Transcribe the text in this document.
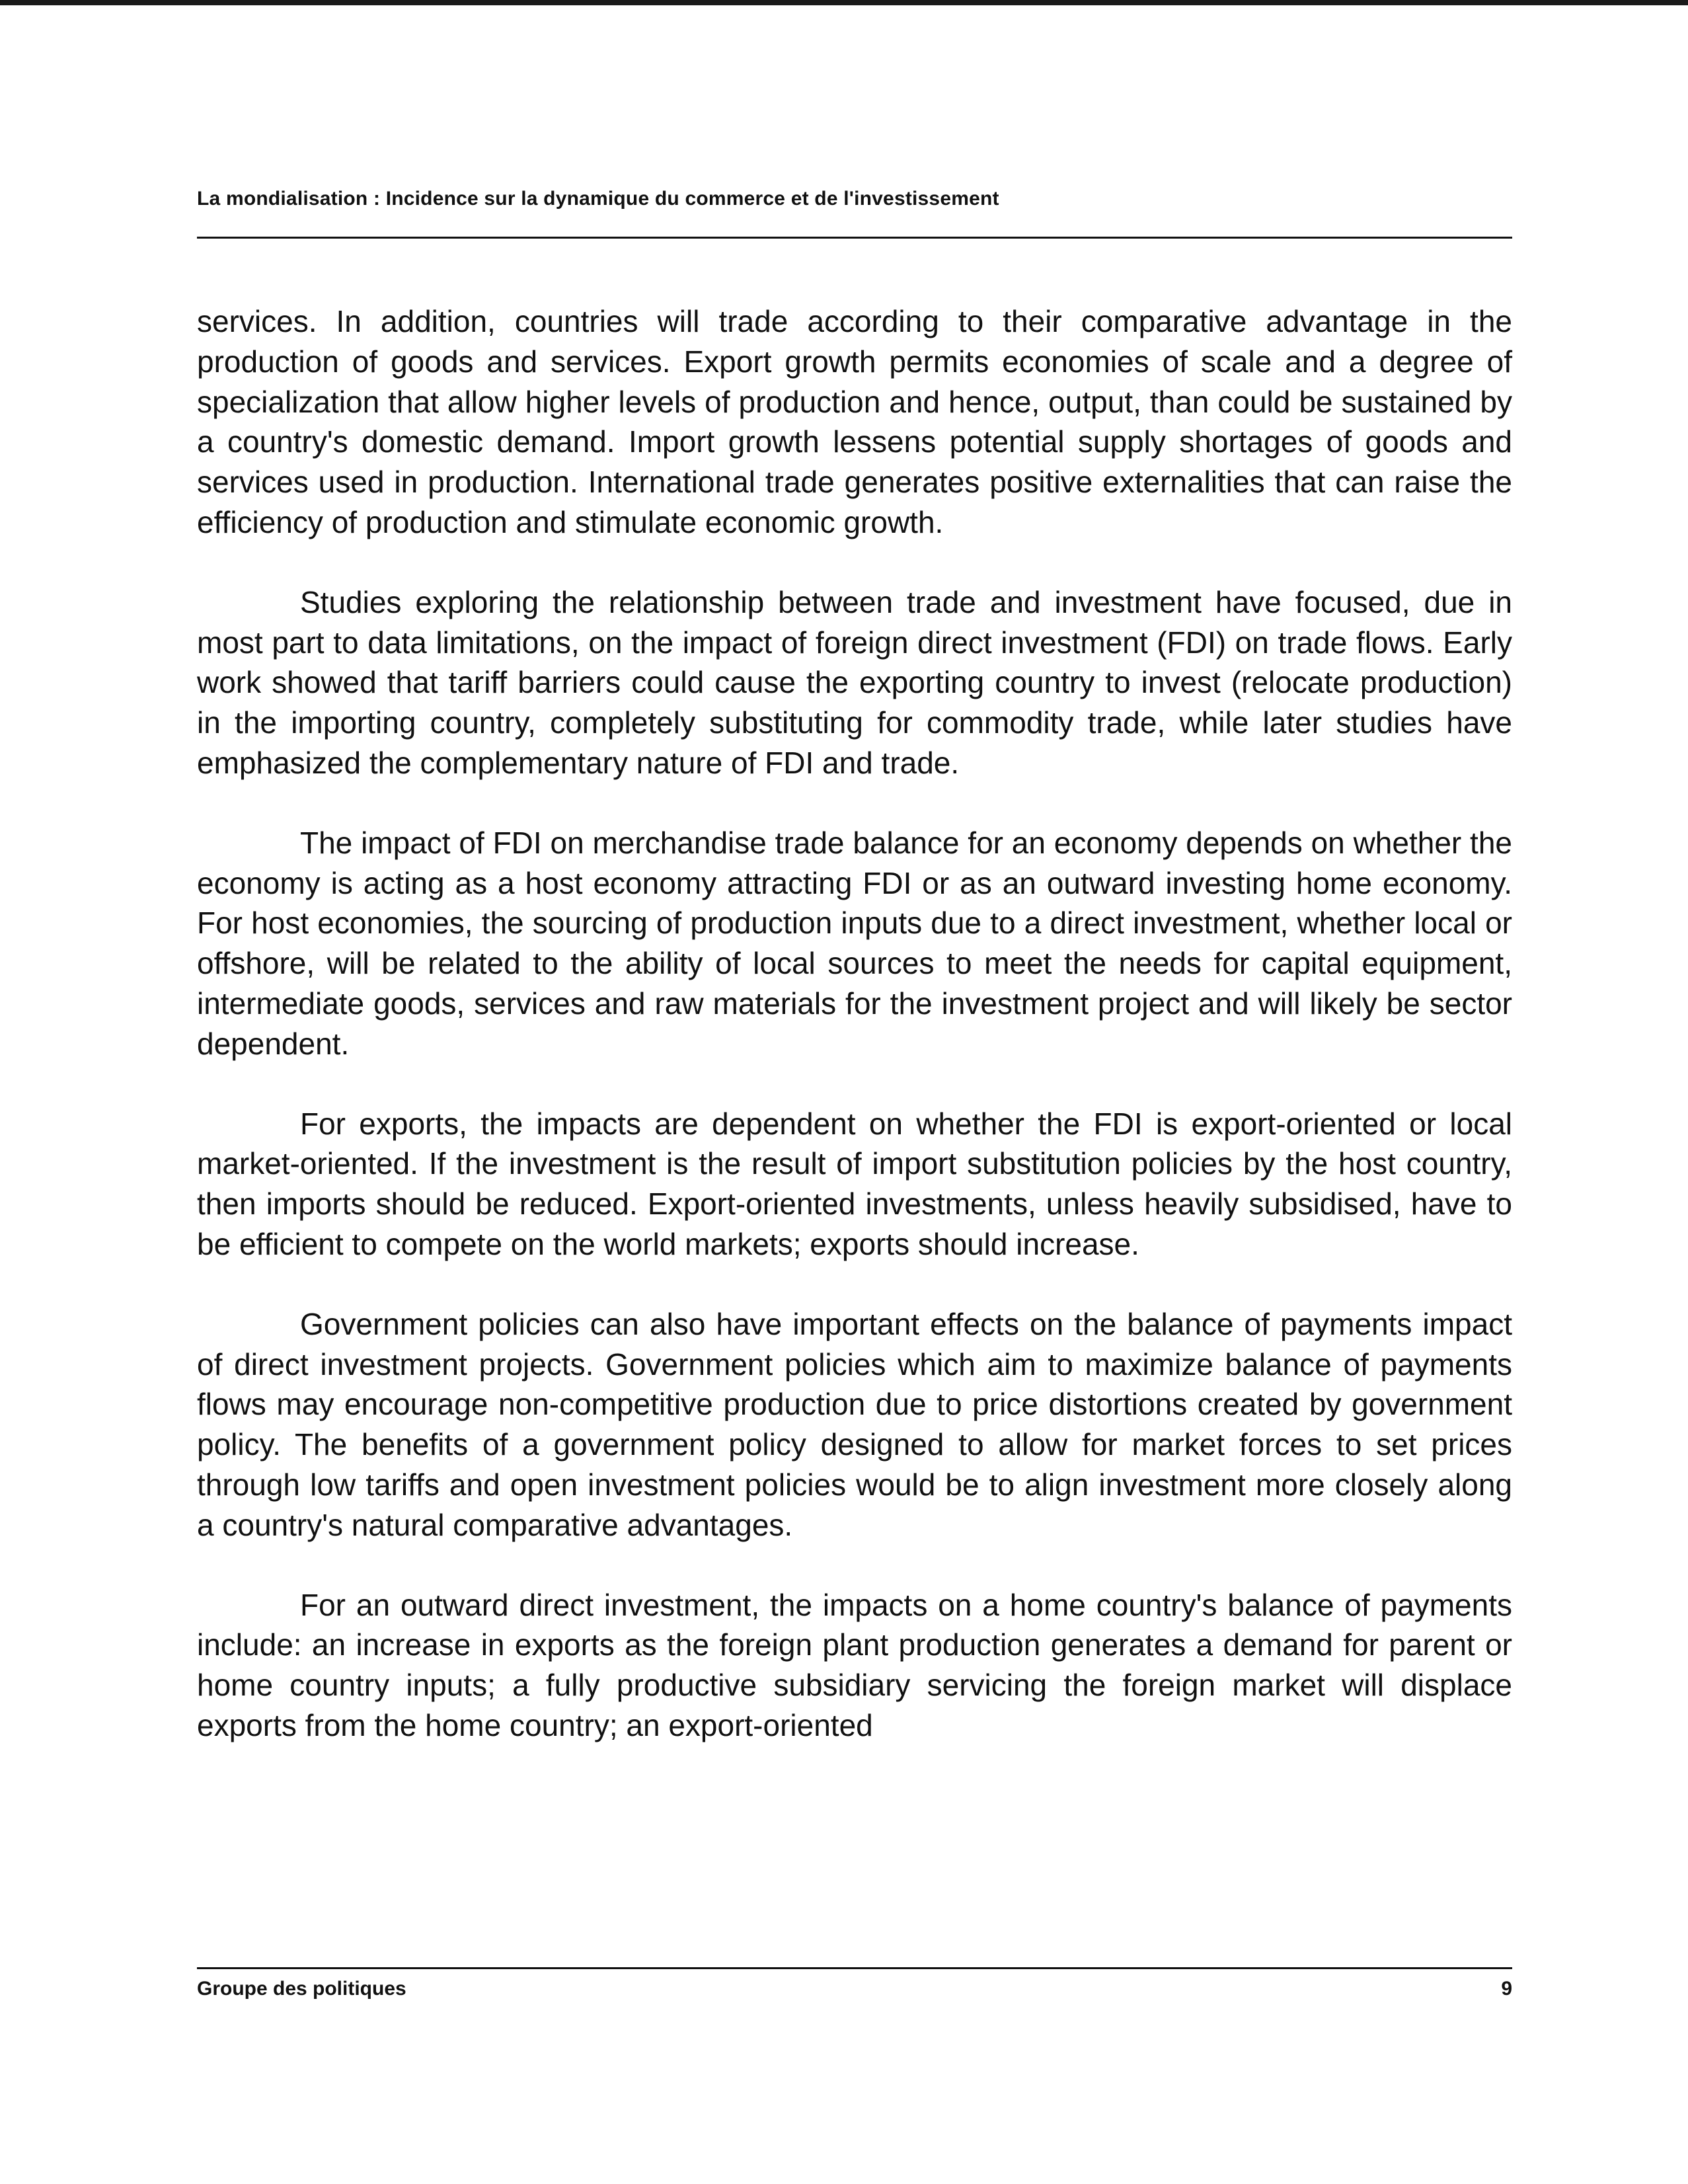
La mondialisation : Incidence sur la dynamique du commerce et de l'investissement

services. In addition, countries will trade according to their comparative advantage in the production of goods and services. Export growth permits economies of scale and a degree of specialization that allow higher levels of production and hence, output, than could be sustained by a country's domestic demand. Import growth lessens potential supply shortages of goods and services used in production. International trade generates positive externalities that can raise the efficiency of production and stimulate economic growth.

Studies exploring the relationship between trade and investment have focused, due in most part to data limitations, on the impact of foreign direct investment (FDI) on trade flows. Early work showed that tariff barriers could cause the exporting country to invest (relocate production) in the importing country, completely substituting for commodity trade, while later studies have emphasized the complementary nature of FDI and trade.

The impact of FDI on merchandise trade balance for an economy depends on whether the economy is acting as a host economy attracting FDI or as an outward investing home economy. For host economies, the sourcing of production inputs due to a direct investment, whether local or offshore, will be related to the ability of local sources to meet the needs for capital equipment, intermediate goods, services and raw materials for the investment project and will likely be sector dependent.

For exports, the impacts are dependent on whether the FDI is export-oriented or local market-oriented. If the investment is the result of import substitution policies by the host country, then imports should be reduced. Export-oriented investments, unless heavily subsidised, have to be efficient to compete on the world markets; exports should increase.

Government policies can also have important effects on the balance of payments impact of direct investment projects. Government policies which aim to maximize balance of payments flows may encourage non-competitive production due to price distortions created by government policy. The benefits of a government policy designed to allow for market forces to set prices through low tariffs and open investment policies would be to align investment more closely along a country's natural comparative advantages.

For an outward direct investment, the impacts on a home country's balance of payments include: an increase in exports as the foreign plant production generates a demand for parent or home country inputs; a fully productive subsidiary servicing the foreign market will displace exports from the home country; an export-oriented

Groupe des politiques	9
